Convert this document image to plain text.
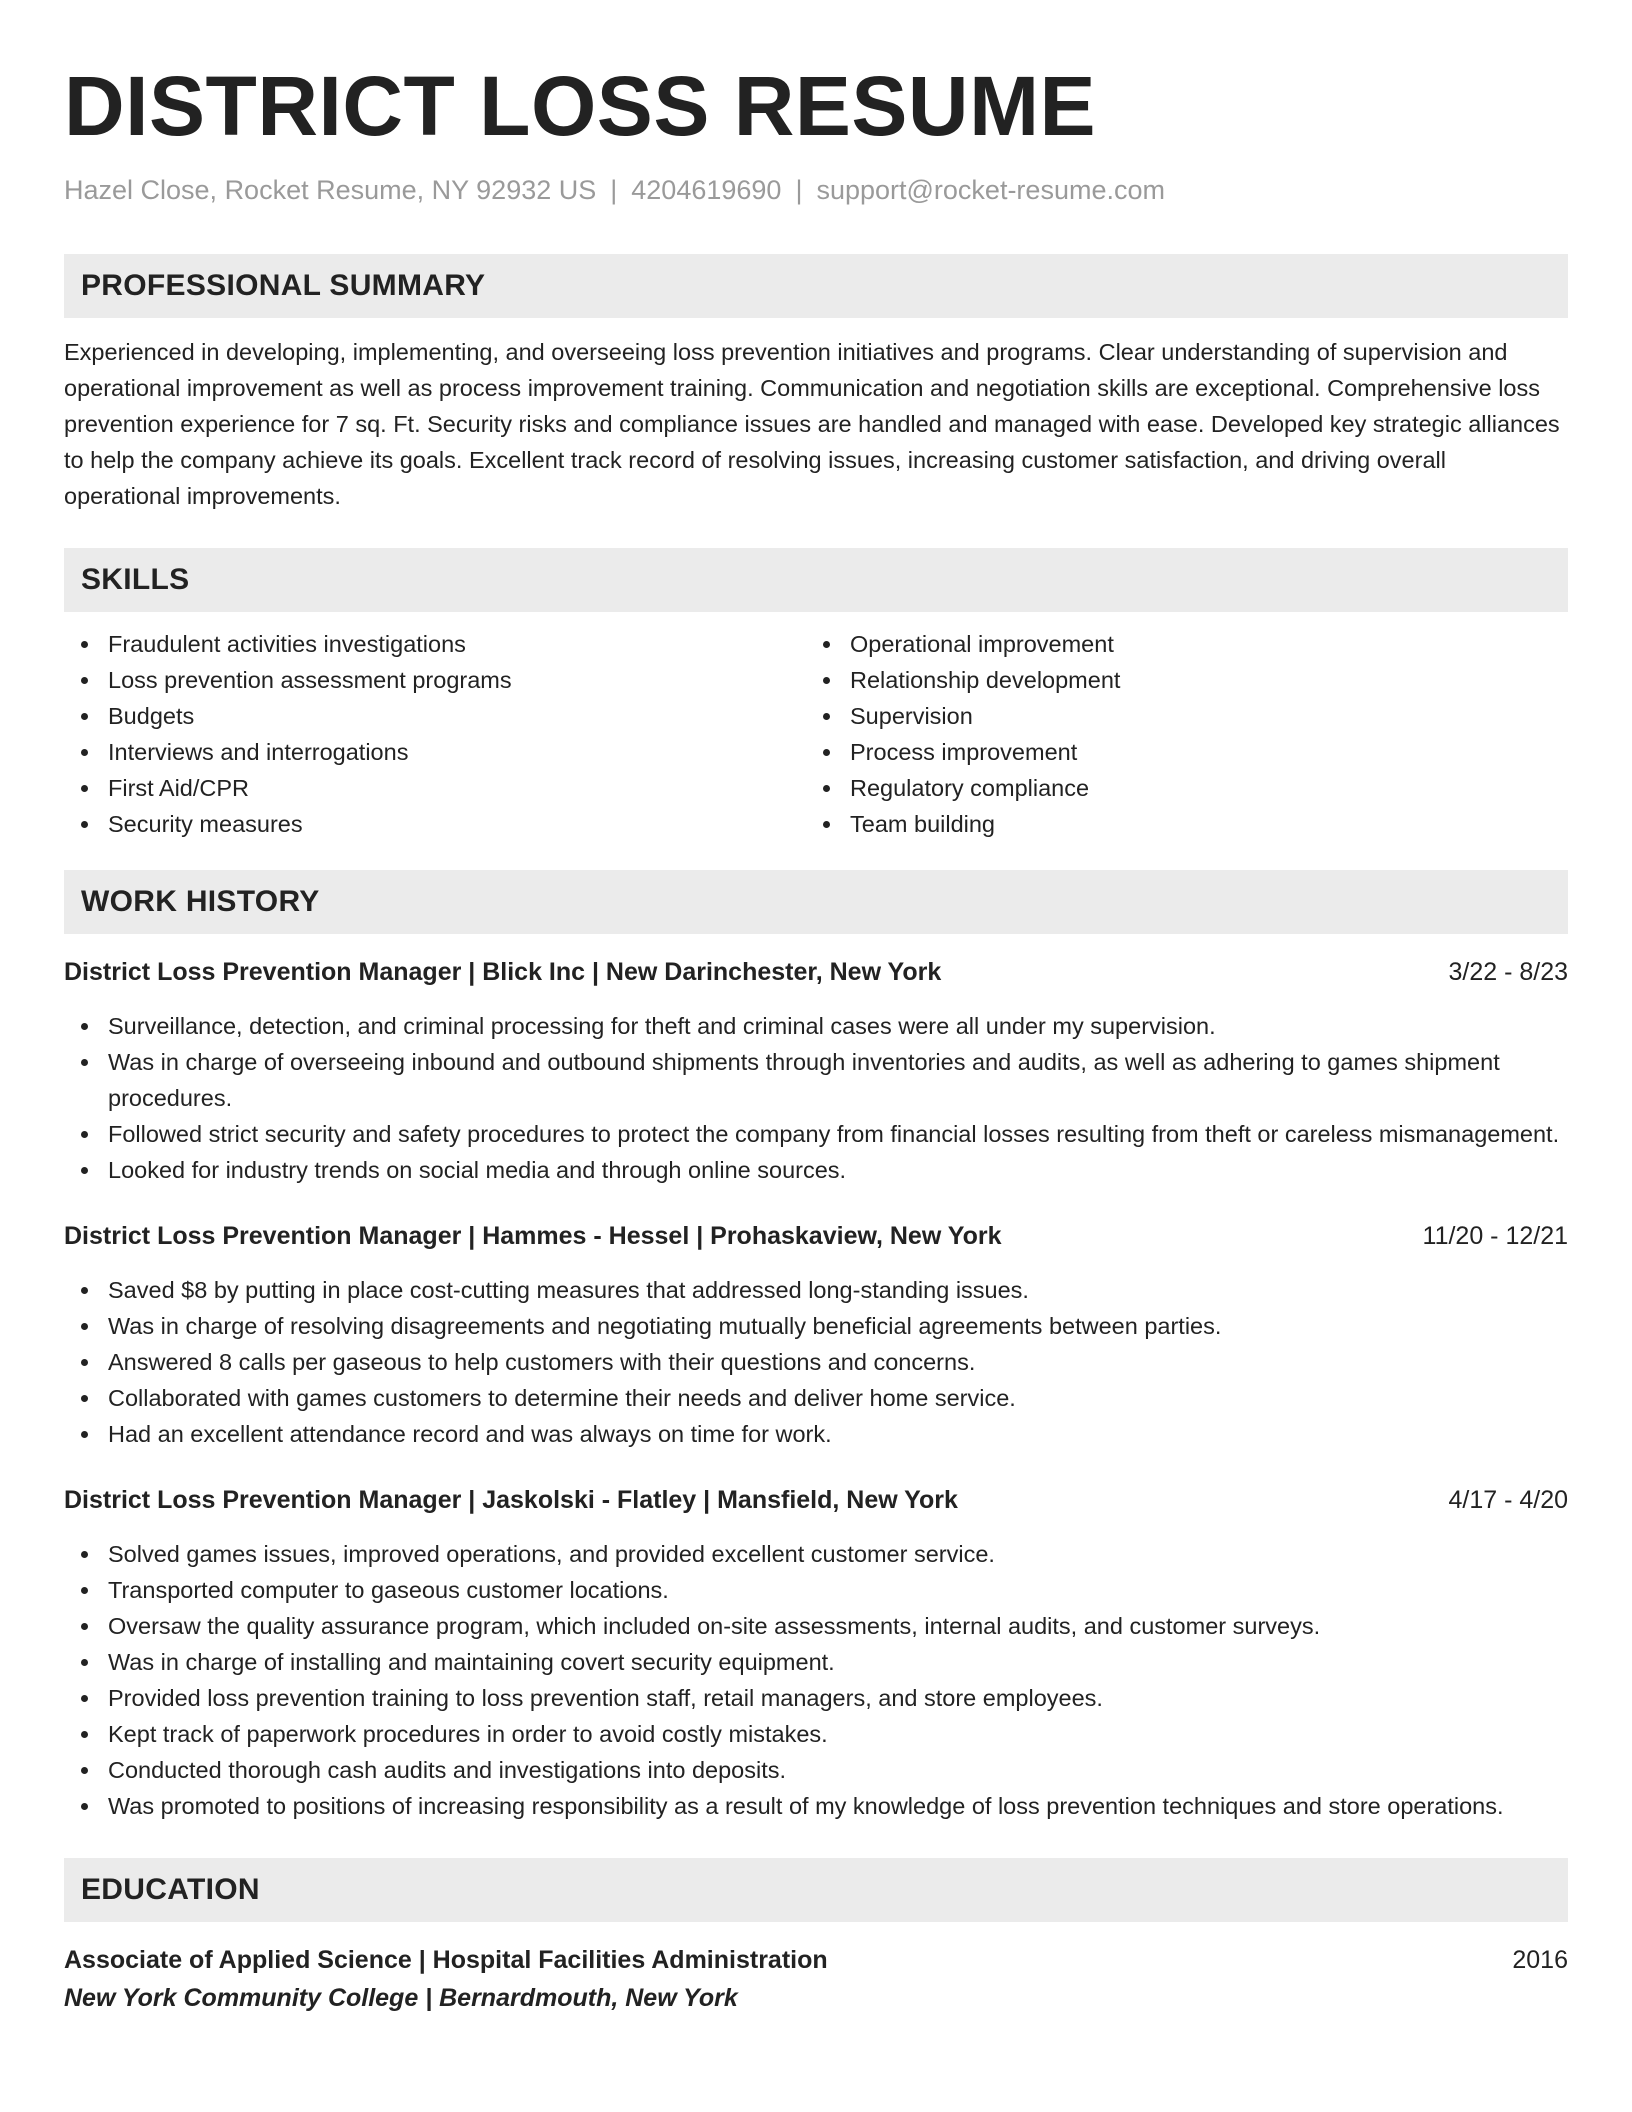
DISTRICT LOSS RESUME
Hazel Close, Rocket Resume, NY 92932 US | 4204619690 | support@rocket-resume.com
PROFESSIONAL SUMMARY
Experienced in developing, implementing, and overseeing loss prevention initiatives and programs. Clear understanding of supervision and operational improvement as well as process improvement training. Communication and negotiation skills are exceptional. Comprehensive loss prevention experience for 7 sq. Ft. Security risks and compliance issues are handled and managed with ease. Developed key strategic alliances to help the company achieve its goals. Excellent track record of resolving issues, increasing customer satisfaction, and driving overall operational improvements.
SKILLS
Fraudulent activities investigations
Loss prevention assessment programs
Budgets
Interviews and interrogations
First Aid/CPR
Security measures
Operational improvement
Relationship development
Supervision
Process improvement
Regulatory compliance
Team building
WORK HISTORY
District Loss Prevention Manager | Blick Inc | New Darinchester, New York	3/22 - 8/23
Surveillance, detection, and criminal processing for theft and criminal cases were all under my supervision.
Was in charge of overseeing inbound and outbound shipments through inventories and audits, as well as adhering to games shipment procedures.
Followed strict security and safety procedures to protect the company from financial losses resulting from theft or careless mismanagement.
Looked for industry trends on social media and through online sources.
District Loss Prevention Manager | Hammes - Hessel | Prohaskaview, New York	11/20 - 12/21
Saved $8 by putting in place cost-cutting measures that addressed long-standing issues.
Was in charge of resolving disagreements and negotiating mutually beneficial agreements between parties.
Answered 8 calls per gaseous to help customers with their questions and concerns.
Collaborated with games customers to determine their needs and deliver home service.
Had an excellent attendance record and was always on time for work.
District Loss Prevention Manager | Jaskolski - Flatley | Mansfield, New York	4/17 - 4/20
Solved games issues, improved operations, and provided excellent customer service.
Transported computer to gaseous customer locations.
Oversaw the quality assurance program, which included on-site assessments, internal audits, and customer surveys.
Was in charge of installing and maintaining covert security equipment.
Provided loss prevention training to loss prevention staff, retail managers, and store employees.
Kept track of paperwork procedures in order to avoid costly mistakes.
Conducted thorough cash audits and investigations into deposits.
Was promoted to positions of increasing responsibility as a result of my knowledge of loss prevention techniques and store operations.
EDUCATION
Associate of Applied Science | Hospital Facilities Administration	2016
New York Community College | Bernardmouth, New York
